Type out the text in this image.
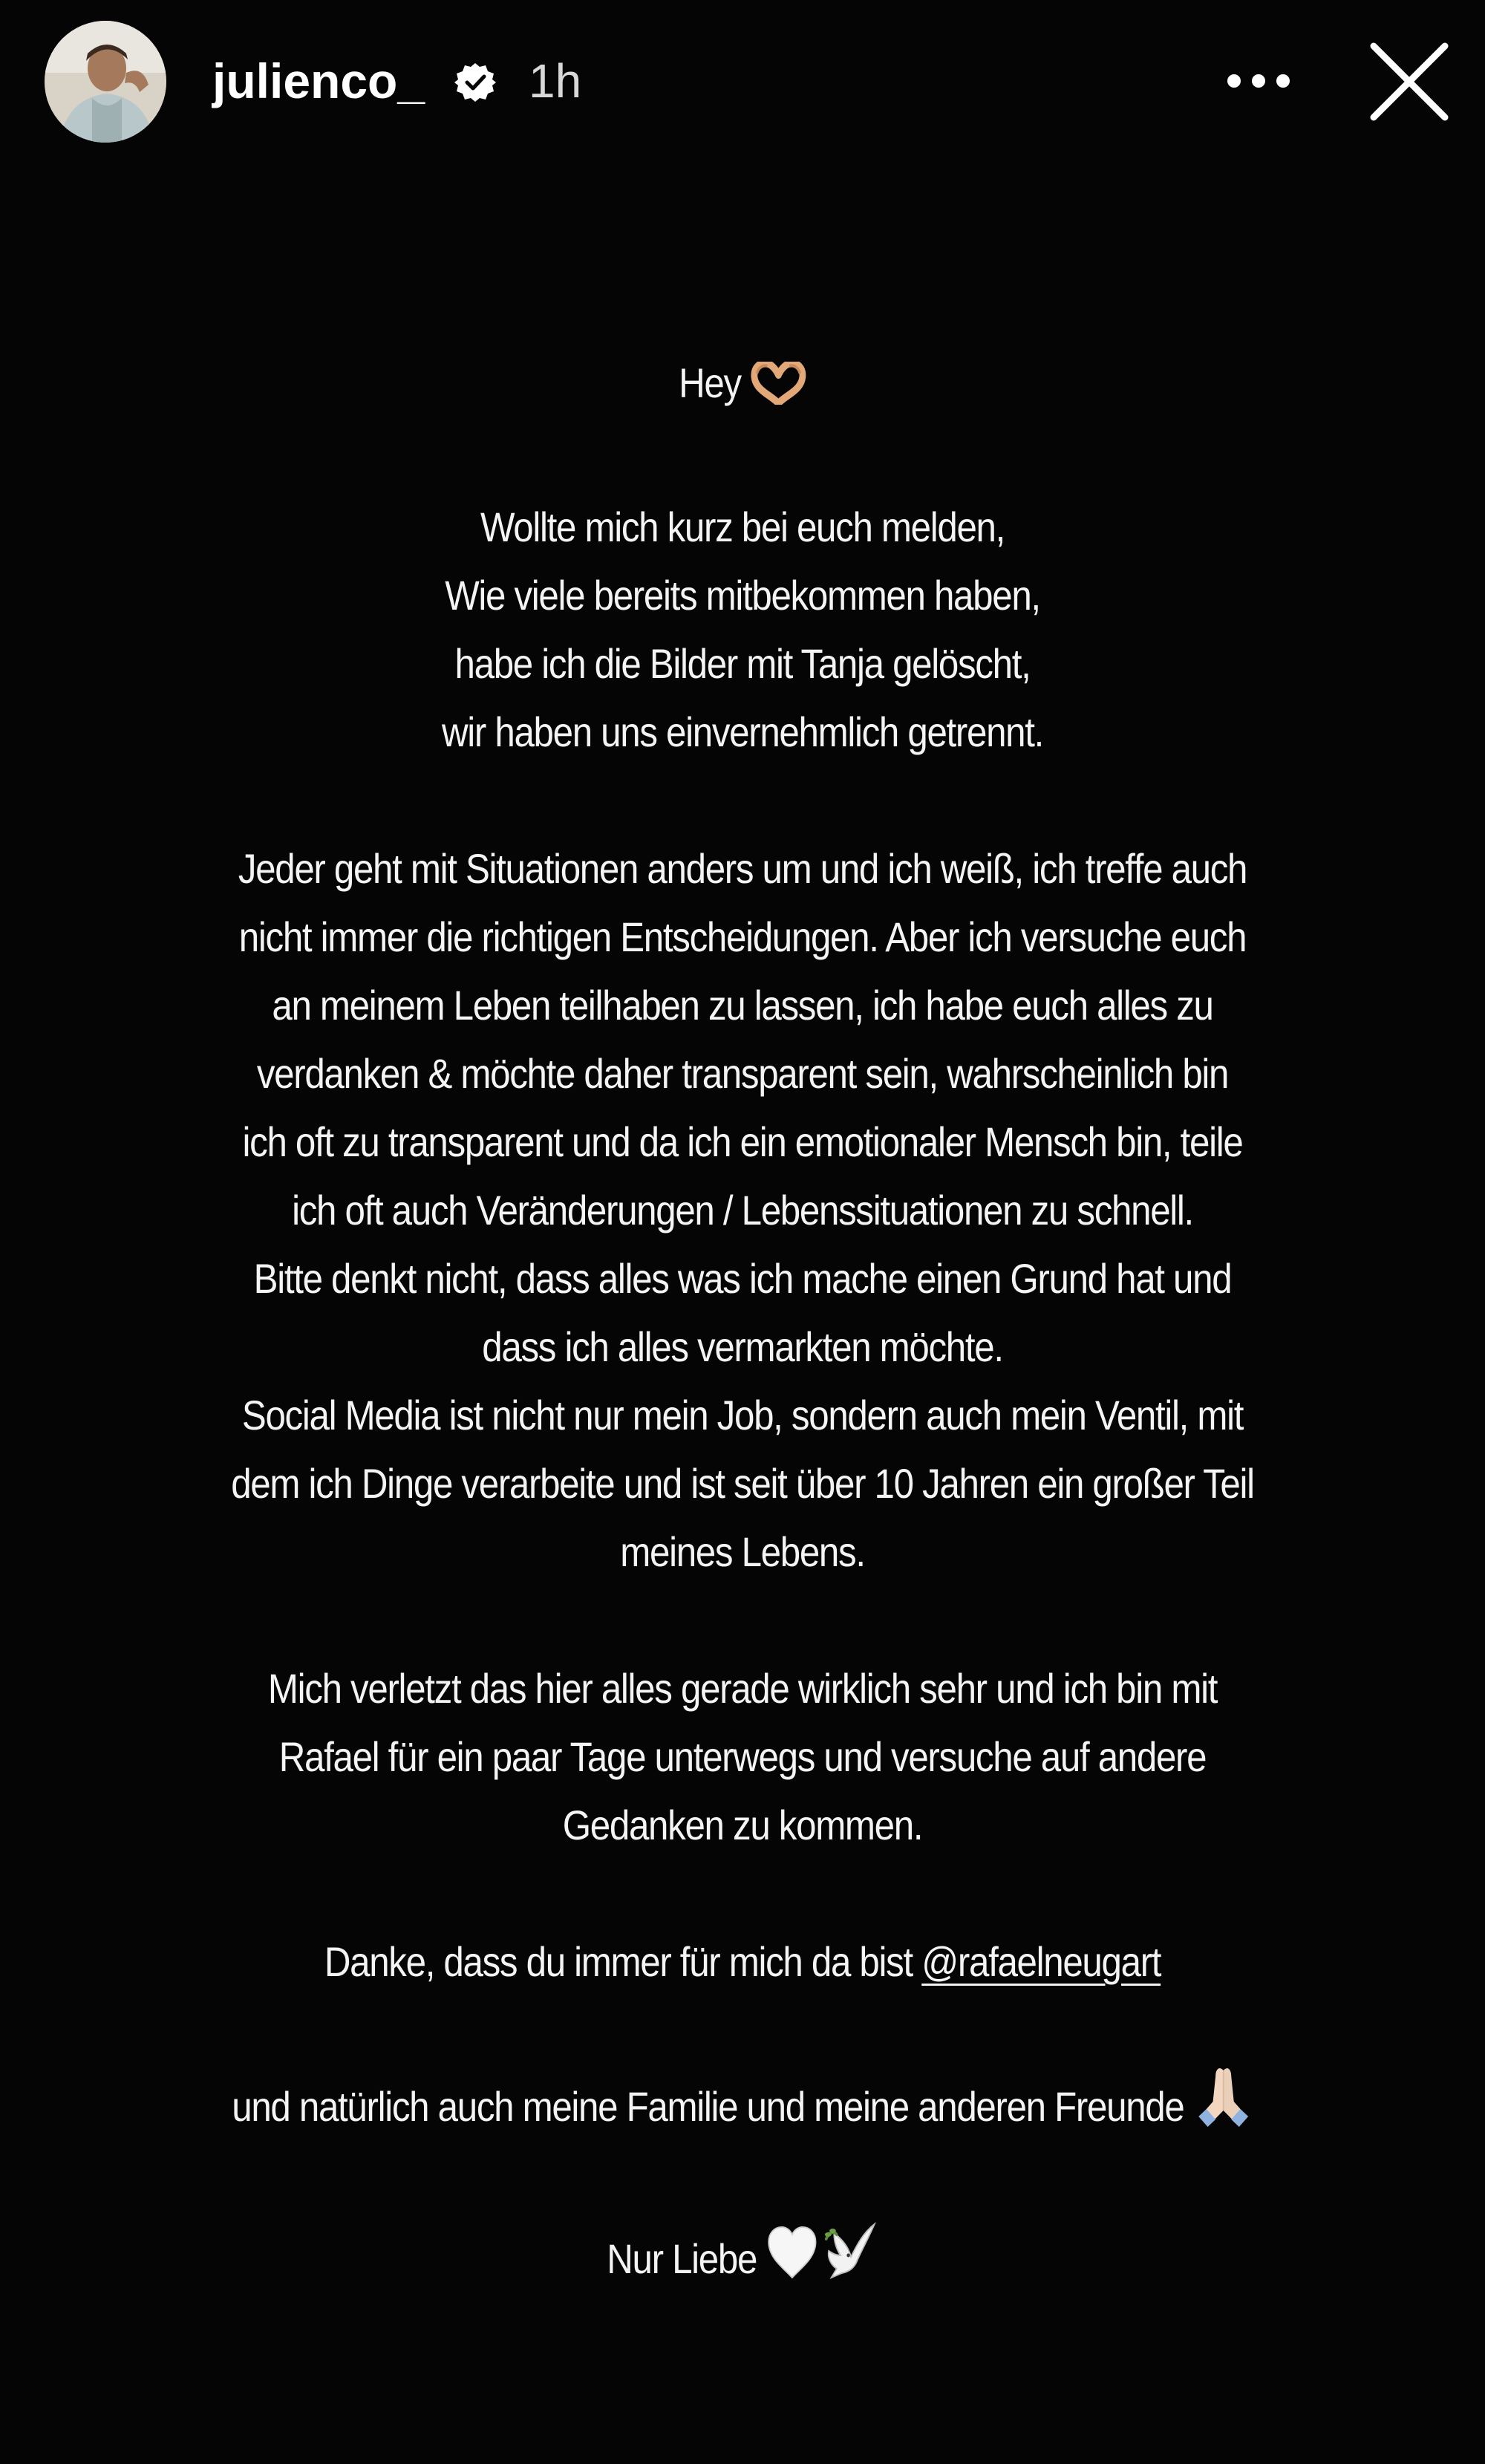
julienco_ 1h
Hey
Wollte mich kurz bei euch melden,
Wie viele bereits mitbekommen haben,
habe ich die Bilder mit Tanja gelöscht,
wir haben uns einvernehmlich getrennt.
Jeder geht mit Situationen anders um und ich weiß, ich treffe auch
nicht immer die richtigen Entscheidungen. Aber ich versuche euch
an meinem Leben teilhaben zu lassen, ich habe euch alles zu
verdanken & möchte daher transparent sein, wahrscheinlich bin
ich oft zu transparent und da ich ein emotionaler Mensch bin, teile
ich oft auch Veränderungen / Lebenssituationen zu schnell.
Bitte denkt nicht, dass alles was ich mache einen Grund hat und
dass ich alles vermarkten möchte.
Social Media ist nicht nur mein Job, sondern auch mein Ventil, mit
dem ich Dinge verarbeite und ist seit über 10 Jahren ein großer Teil
meines Lebens.
Mich verletzt das hier alles gerade wirklich sehr und ich bin mit
Rafael für ein paar Tage unterwegs und versuche auf andere
Gedanken zu kommen.
Danke, dass du immer für mich da bist @rafaelneugart
und natürlich auch meine Familie und meine anderen Freunde
Nur Liebe
